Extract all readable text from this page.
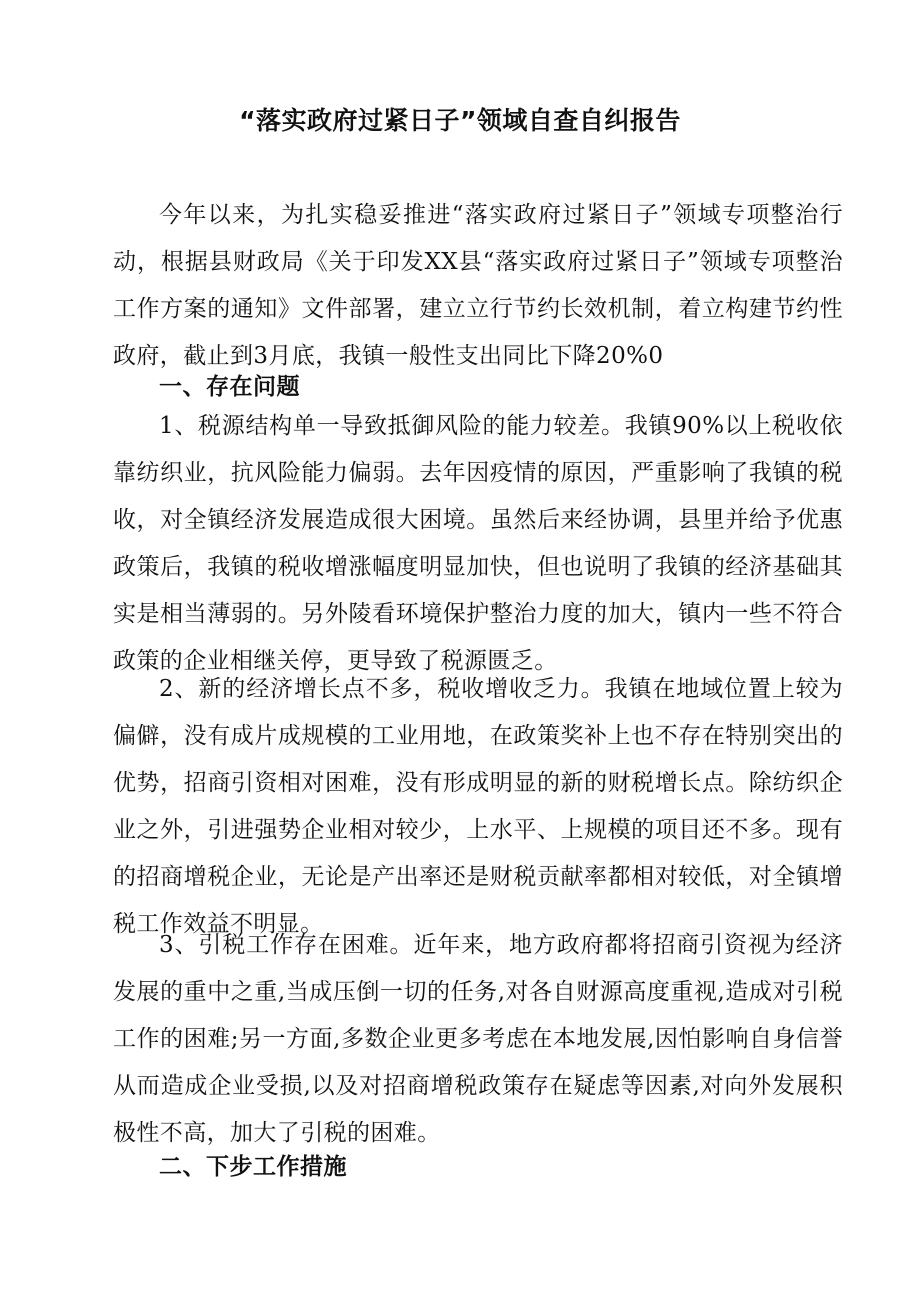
“落实政府过紧日子”领域自查自纠报告

今年以来，为扎实稳妥推进“落实政府过紧日子”领域专项整治行动，根据县财政局《关于印发XX县“落实政府过紧日子”领域专项整治工作方案的通知》文件部署，建立立行节约长效机制，着立构建节约性政府，截止到3月底，我镇一般性支出同比下降20%0

一、存在问题

1、税源结构单一导致抵御风险的能力较差。我镇90%以上税收依靠纺织业，抗风险能力偏弱。去年因疫情的原因，严重影响了我镇的税收，对全镇经济发展造成很大困境。虽然后来经协调，县里并给予优惠政策后，我镇的税收增涨幅度明显加快，但也说明了我镇的经济基础其实是相当薄弱的。另外陵看环境保护整治力度的加大，镇内一些不符合政策的企业相继关停，更导致了税源匮乏。

2、新的经济增长点不多，税收增收乏力。我镇在地域位置上较为偏僻，没有成片成规模的工业用地，在政策奖补上也不存在特别突出的优势，招商引资相对困难，没有形成明显的新的财税增长点。除纺织企业之外，引进强势企业相对较少，上水平、上规模的项目还不多。现有的招商增税企业，无论是产出率还是财税贡献率都相对较低，对全镇增税工作效益不明显。

3、引税工作存在困难。近年来，地方政府都将招商引资视为经济发展的重中之重,当成压倒一切的任务,对各自财源高度重视,造成对引税工作的困难;另一方面,多数企业更多考虑在本地发展,因怕影响自身信誉从而造成企业受损,以及对招商增税政策存在疑虑等因素,对向外发展积极性不高，加大了引税的困难。

二、下步工作措施
